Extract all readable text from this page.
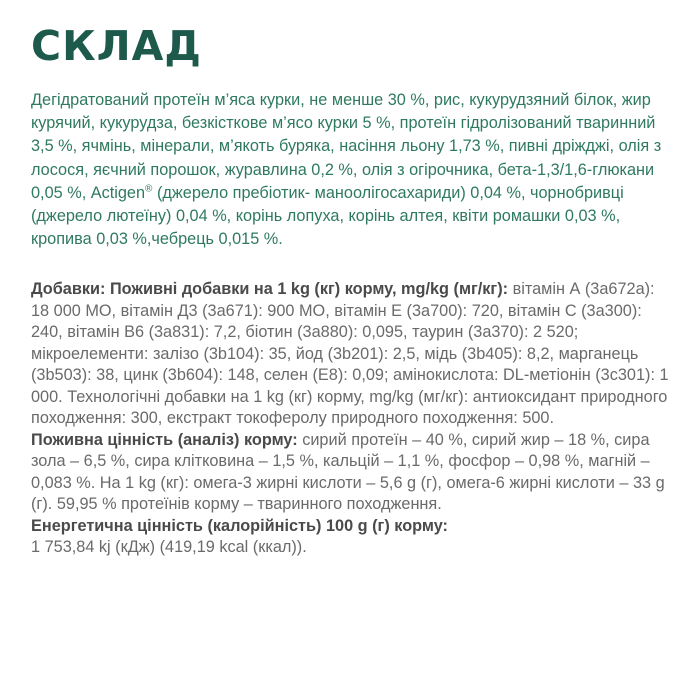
СКЛАД

Дегідратований протеїн м’яса курки, не менше 30 %, рис, кукурудзяний білок, жир курячий, кукурудза, безкісткове м’ясо курки 5 %, протеїн гідролізований тваринний 3,5 %, ячмінь, мінерали, м’якоть буряка, насіння льону 1,73 %, пивні дріжджі, олія з лосося, яєчний порошок, журавлина 0,2 %, олія з огірочника, бета-1,3/1,6-глюкани 0,05 %, Actigen® (джерело пребіотик- маноолігосахариди) 0,04 %, чорнобривці (джерело лютеїну) 0,04 %, корінь лопуха, корінь алтея, квіти ромашки 0,03 %, кропива 0,03 %,чебрець 0,015 %.

Добавки: Поживні добавки на 1 kg (кг) корму, mg/kg (мг/кг): вітамін А (3а672а): 18 000 МО, вітамін Д3 (3а671): 900 МО, вітамін Е (3а700): 720, вітамін С (3а300): 240, вітамін В6 (3а831): 7,2, біотин (3а880): 0,095, таурин (3а370): 2 520; мікроелементи: залізо (3b104): 35, йод (3b201): 2,5, мідь (3b405): 8,2, марганець (3b503): 38, цинк (3b604): 148, селен (Е8): 0,09; амінокислота: DL-метіонін (3с301): 1 000. Технологічні добавки на 1 kg (кг) корму, mg/kg (мг/кг): антиоксидант природного походження: 300, екстракт токоферолу природного походження: 500.
Поживна цінність (аналіз) корму: сирий протеїн – 40 %, сирий жир – 18 %, сира зола – 6,5 %, сира клітковина – 1,5 %, кальцій – 1,1 %, фосфор – 0,98 %, магній – 0,083 %. На 1 kg (кг): омега-3 жирні кислоти – 5,6 g (г), омега-6 жирні кислоти – 33 g (г). 59,95 % протеїнів корму – тваринного походження.
Енергетична цінність (калорійність) 100 g (г) корму:
1 753,84 kj (кДж) (419,19 kcal (ккал)).
